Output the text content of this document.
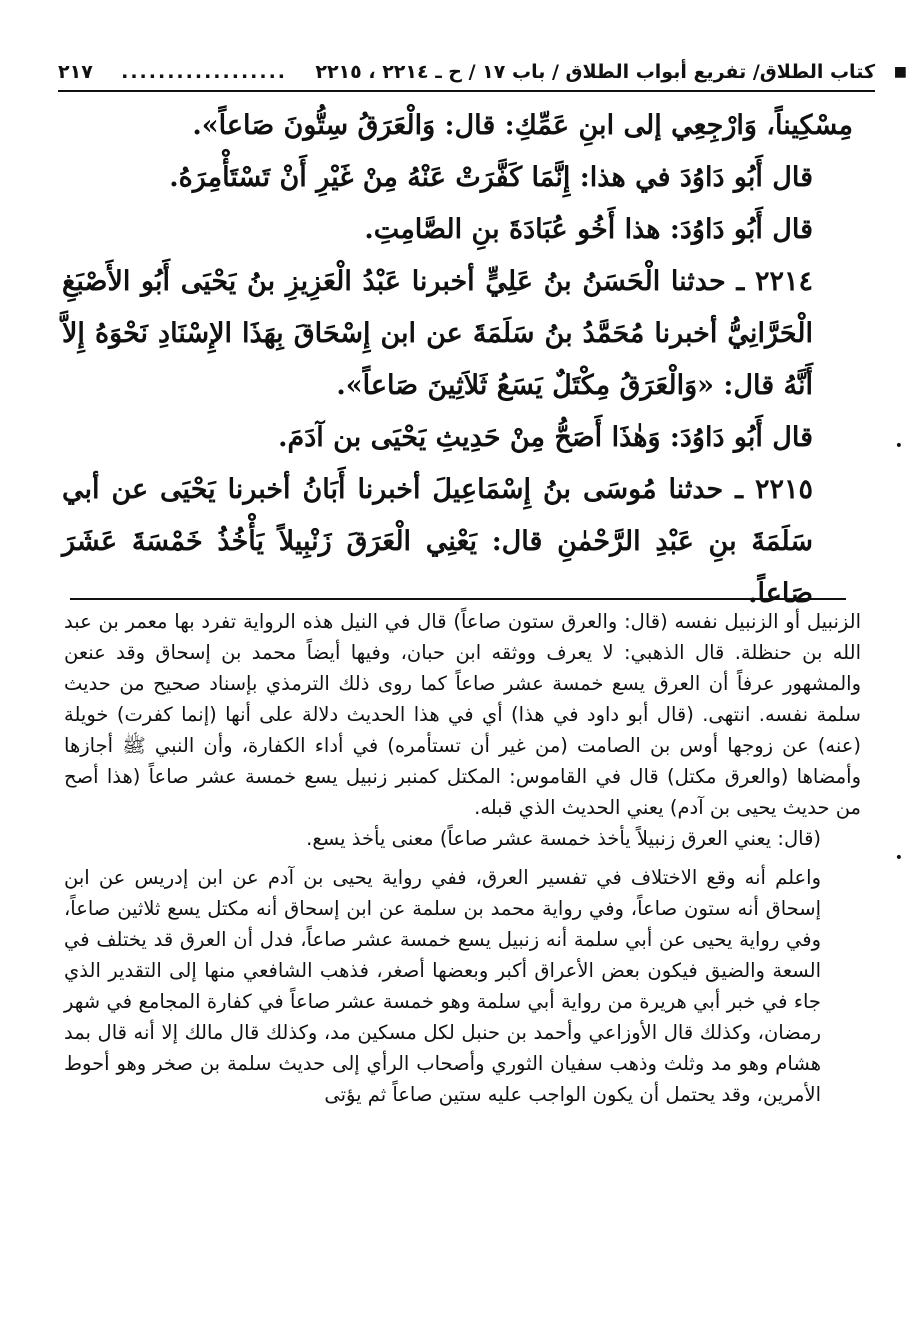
كتاب الطلاق/ تفريع أبواب الطلاق / باب ١٧ / ح ـ ٢٢١٤ ، ٢٢١٥
..................
٢١٧	■
•
•

مِسْكِيناً، وَارْجِعِي إلى ابنِ عَمِّكِ: قال: وَالْعَرَقُ سِتُّونَ صَاعاً».

قال أَبُو دَاوُدَ في هذا: إِنَّمَا كَفَّرَتْ عَنْهُ مِنْ غَيْرِ أَنْ تَسْتَأْمِرَهُ.

قال أَبُو دَاوُدَ: هذا أَخُو عُبَادَةَ بنِ الصَّامِتِ.

٢٢١٤ ـ حدثنا الْحَسَنُ بنُ عَلِيٍّ أخبرنا عَبْدُ الْعَزِيزِ بنُ يَحْيَى أَبُو الأَصْبَغِ الْحَرَّانِيُّ أخبرنا مُحَمَّدُ بنُ سَلَمَةَ عن ابن إِسْحَاقَ بِهَذَا الإِسْنَادِ نَحْوَهُ إِلاَّ أَنَّهُ قال: «وَالْعَرَقُ مِكْتَلٌ يَسَعُ ثَلاَثِينَ صَاعاً».

قال أَبُو دَاوُدَ: وَهٰذَا أَصَحُّ مِنْ حَدِيثِ يَحْيَى بن آدَمَ.

٢٢١٥ ـ حدثنا مُوسَى بنُ إِسْمَاعِيلَ أخبرنا أَبَانُ أخبرنا يَحْيَى عن أبي سَلَمَةَ بنِ عَبْدِ الرَّحْمٰنِ قال: يَعْنِي الْعَرَقَ زَنْبِيلاً يَأْخُذُ خَمْسَةَ عَشَرَ صَاعاً.

الزنبيل أو الزنبيل نفسه (قال: والعرق ستون صاعاً) قال في النيل هذه الرواية تفرد بها معمر بن عبد الله بن حنظلة. قال الذهبي: لا يعرف ووثقه ابن حبان، وفيها أيضاً محمد بن إسحاق وقد عنعن والمشهور عرفاً أن العرق يسع خمسة عشر صاعاً كما روى ذلك الترمذي بإسناد صحيح من حديث سلمة نفسه. انتهى. (قال أبو داود في هذا) أي في هذا الحديث دلالة على أنها (إنما كفرت) خويلة (عنه) عن زوجها أوس بن الصامت (من غير أن تستأمره) في أداء الكفارة، وأن النبي ﷺ أجازها وأمضاها (والعرق مكتل) قال في القاموس: المكتل كمنبر زنبيل يسع خمسة عشر صاعاً (هذا أصح من حديث يحيى بن آدم) يعني الحديث الذي قبله.

(قال: يعني العرق زنبيلاً يأخذ خمسة عشر صاعاً) معنى يأخذ يسع.

واعلم أنه وقع الاختلاف في تفسير العرق، ففي رواية يحيى بن آدم عن ابن إدريس عن ابن إسحاق أنه ستون صاعاً، وفي رواية محمد بن سلمة عن ابن إسحاق أنه مكتل يسع ثلاثين صاعاً، وفي رواية يحيى عن أبي سلمة أنه زنبيل يسع خمسة عشر صاعاً، فدل أن العرق قد يختلف في السعة والضيق فيكون بعض الأعراق أكبر وبعضها أصغر، فذهب الشافعي منها إلى التقدير الذي جاء في خبر أبي هريرة من رواية أبي سلمة وهو خمسة عشر صاعاً في كفارة المجامع في شهر رمضان، وكذلك قال الأوزاعي وأحمد بن حنبل لكل مسكين مد، وكذلك قال مالك إلا أنه قال بمد هشام وهو مد وثلث وذهب سفيان الثوري وأصحاب الرأي إلى حديث سلمة بن صخر وهو أحوط الأمرين، وقد يحتمل أن يكون الواجب عليه ستين صاعاً ثم يؤتى
